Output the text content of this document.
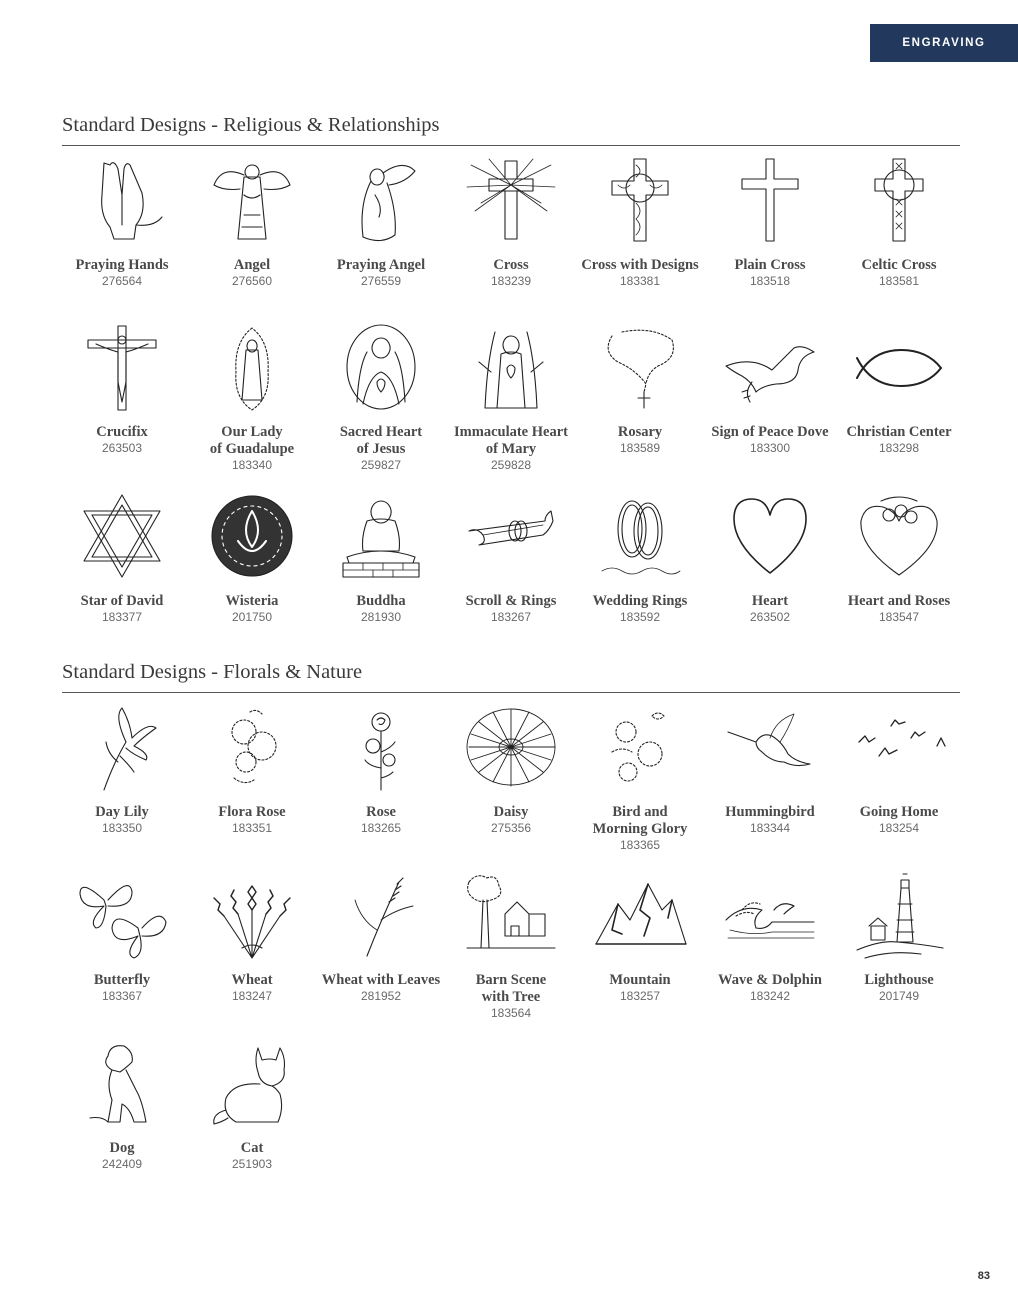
ENGRAVING
Standard Designs - Religious & Relationships
Standard Designs - Florals & Nature
Praying Hands
276564
Angel
276560
Praying Angel
276559
Cross
183239
Cross with Designs
183381
Plain Cross
183518
Celtic Cross
183581
Crucifix
263503
Our Lady
of Guadalupe
183340
Sacred Heart
of Jesus
259827
Immaculate Heart
of Mary
259828
Rosary
183589
Sign of Peace Dove
183300
Christian Center
183298
Star of David
183377
Wisteria
201750
Buddha
281930
Scroll & Rings
183267
Wedding Rings
183592
Heart
263502
Heart and Roses
183547
Day Lily
183350
Flora Rose
183351
Rose
183265
Daisy
275356
Bird and
Morning Glory
183365
Hummingbird
183344
Going Home
183254
Butterfly
183367
Wheat
183247
Wheat with Leaves
281952
Barn Scene
with Tree
183564
Mountain
183257
Wave & Dolphin
183242
Lighthouse
201749
Dog
242409
Cat
251903
83
